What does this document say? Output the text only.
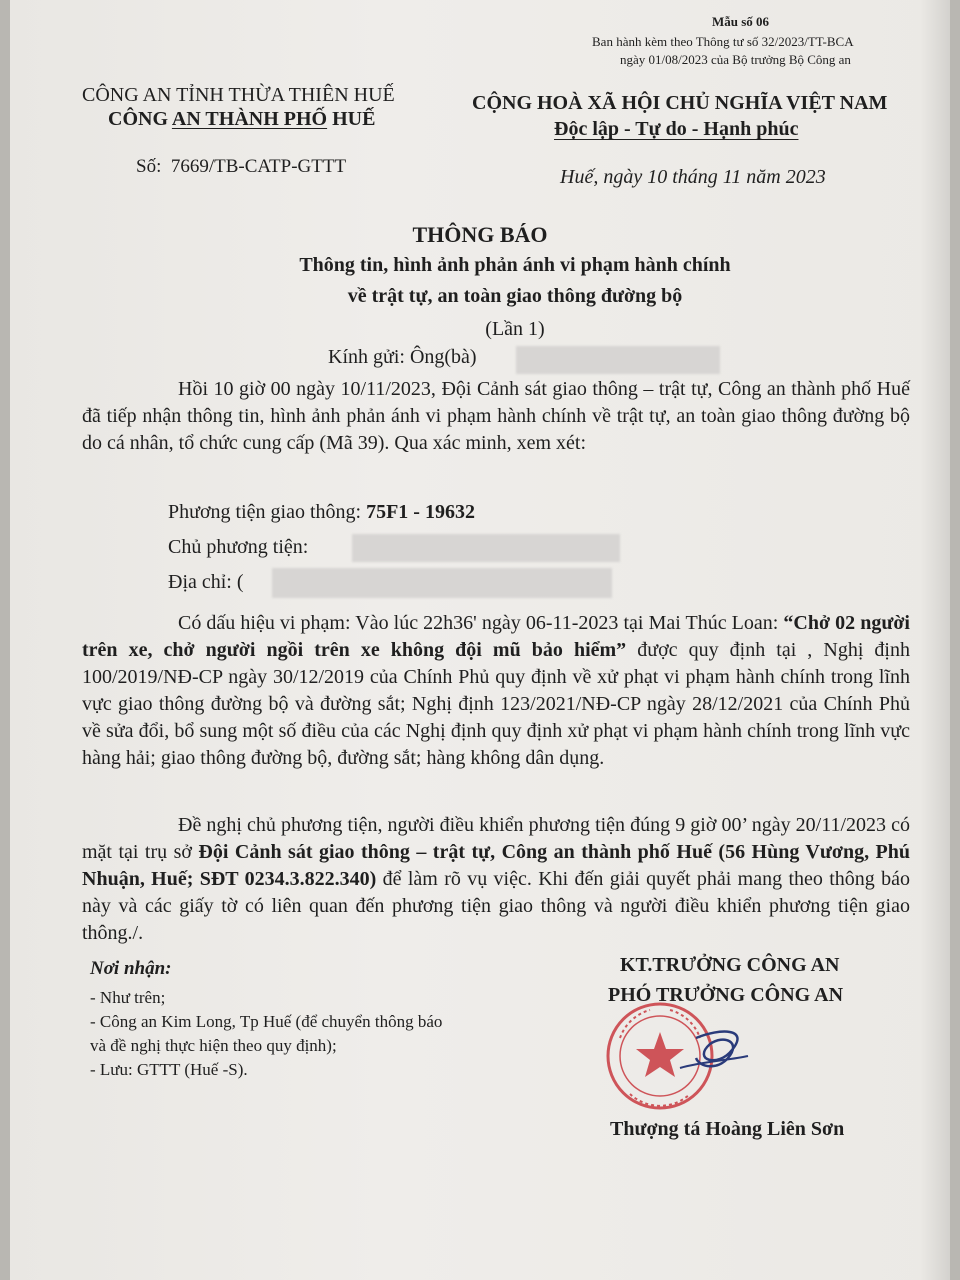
Mẫu số 06
Ban hành kèm theo Thông tư số 32/2023/TT-BCA
ngày 01/08/2023 của Bộ trưởng Bộ Công an
CÔNG AN TỈNH THỪA THIÊN HUẾ
CÔNG AN THÀNH PHỐ HUẾ
Số: 7669/TB-CATP-GTTT
CỘNG HOÀ XÃ HỘI CHỦ NGHĨA VIỆT NAM
Độc lập - Tự do - Hạnh phúc
Huế, ngày 10 tháng 11 năm 2023
THÔNG BÁO
Thông tin, hình ảnh phản ánh vi phạm hành chính
về trật tự, an toàn giao thông đường bộ
(Lần 1)
Kính gửi: Ông(bà)
Hồi 10 giờ 00 ngày 10/11/2023, Đội Cảnh sát giao thông – trật tự, Công an thành phố Huế đã tiếp nhận thông tin, hình ảnh phản ánh vi phạm hành chính về trật tự, an toàn giao thông đường bộ do cá nhân, tổ chức cung cấp (Mã 39). Qua xác minh, xem xét:
Phương tiện giao thông: 75F1 - 19632
Chủ phương tiện:
Địa chỉ: (
Có dấu hiệu vi phạm: Vào lúc 22h36' ngày 06-11-2023 tại Mai Thúc Loan: “Chở 02 người trên xe, chở người ngồi trên xe không đội mũ bảo hiểm” được quy định tại , Nghị định 100/2019/NĐ-CP ngày 30/12/2019 của Chính Phủ quy định về xử phạt vi phạm hành chính trong lĩnh vực giao thông đường bộ và đường sắt; Nghị định 123/2021/NĐ-CP ngày 28/12/2021 của Chính Phủ về sửa đổi, bổ sung một số điều của các Nghị định quy định xử phạt vi phạm hành chính trong lĩnh vực hàng hải; giao thông đường bộ, đường sắt; hàng không dân dụng.
Đề nghị chủ phương tiện, người điều khiển phương tiện đúng 9 giờ 00’ ngày 20/11/2023 có mặt tại trụ sở Đội Cảnh sát giao thông – trật tự, Công an thành phố Huế (56 Hùng Vương, Phú Nhuận, Huế; SĐT 0234.3.822.340) để làm rõ vụ việc. Khi đến giải quyết phải mang theo thông báo này và các giấy tờ có liên quan đến phương tiện giao thông và người điều khiển phương tiện giao thông./.
Nơi nhận:
- Như trên;
- Công an Kim Long, Tp Huế (để chuyển thông báo
và đề nghị thực hiện theo quy định);
- Lưu: GTTT (Huế -S).
KT.TRƯỞNG CÔNG AN
PHÓ TRƯỞNG CÔNG AN
Thượng tá Hoàng Liên Sơn
